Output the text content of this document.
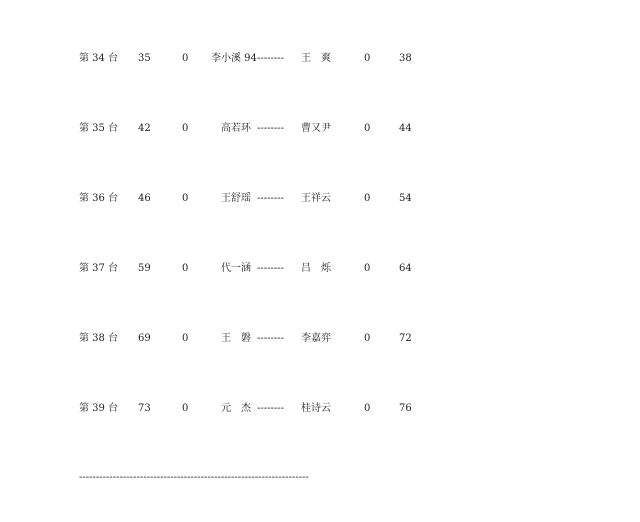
第 34 台 35	0 李小溪 94 -------- 王　爽	0	38
第 35 台 42	0 　高若环 -------- 曹又尹	0	44
第 36 台 46	0 　王舒瑶 -------- 王祥云	0	54
第 37 台 59	0 　代一涵 -------- 吕　烁	0	64
第 38 台 69	0 　王　磐 -------- 李嘉弈	0	72
第 39 台 73	0 　元　杰 -------- 桂诗云	0	76
--------------------------------------------------------------------
